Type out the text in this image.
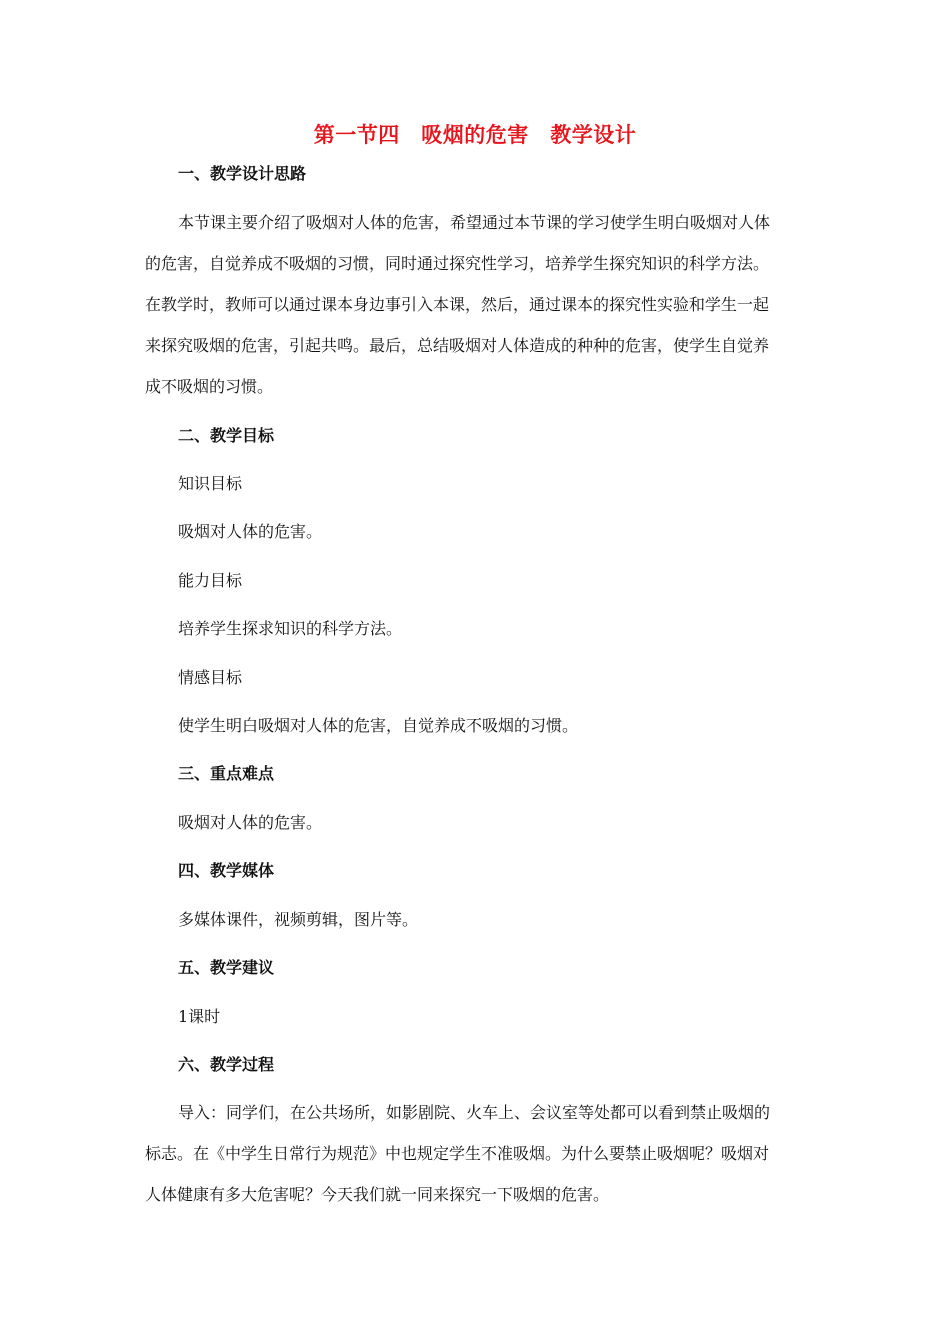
第一节四　吸烟的危害　教学设计
一、教学设计思路
本节课主要介绍了吸烟对人体的危害，希望通过本节课的学习使学生明白吸烟对人体
的危害，自觉养成不吸烟的习惯，同时通过探究性学习，培养学生探究知识的科学方法。
在教学时，教师可以通过课本身边事引入本课，然后，通过课本的探究性实验和学生一起
来探究吸烟的危害，引起共鸣。最后，总结吸烟对人体造成的种种的危害，使学生自觉养
成不吸烟的习惯。
二、教学目标
知识目标
吸烟对人体的危害。
能力目标
培养学生探求知识的科学方法。
情感目标
使学生明白吸烟对人体的危害，自觉养成不吸烟的习惯。
三、重点难点
吸烟对人体的危害。
四、教学媒体
多媒体课件，视频剪辑，图片等。
五、教学建议
1课时
六、教学过程
导入：同学们，在公共场所，如影剧院、火车上、会议室等处都可以看到禁止吸烟的
标志。在《中学生日常行为规范》中也规定学生不准吸烟。为什么要禁止吸烟呢？吸烟对
人体健康有多大危害呢？今天我们就一同来探究一下吸烟的危害。
